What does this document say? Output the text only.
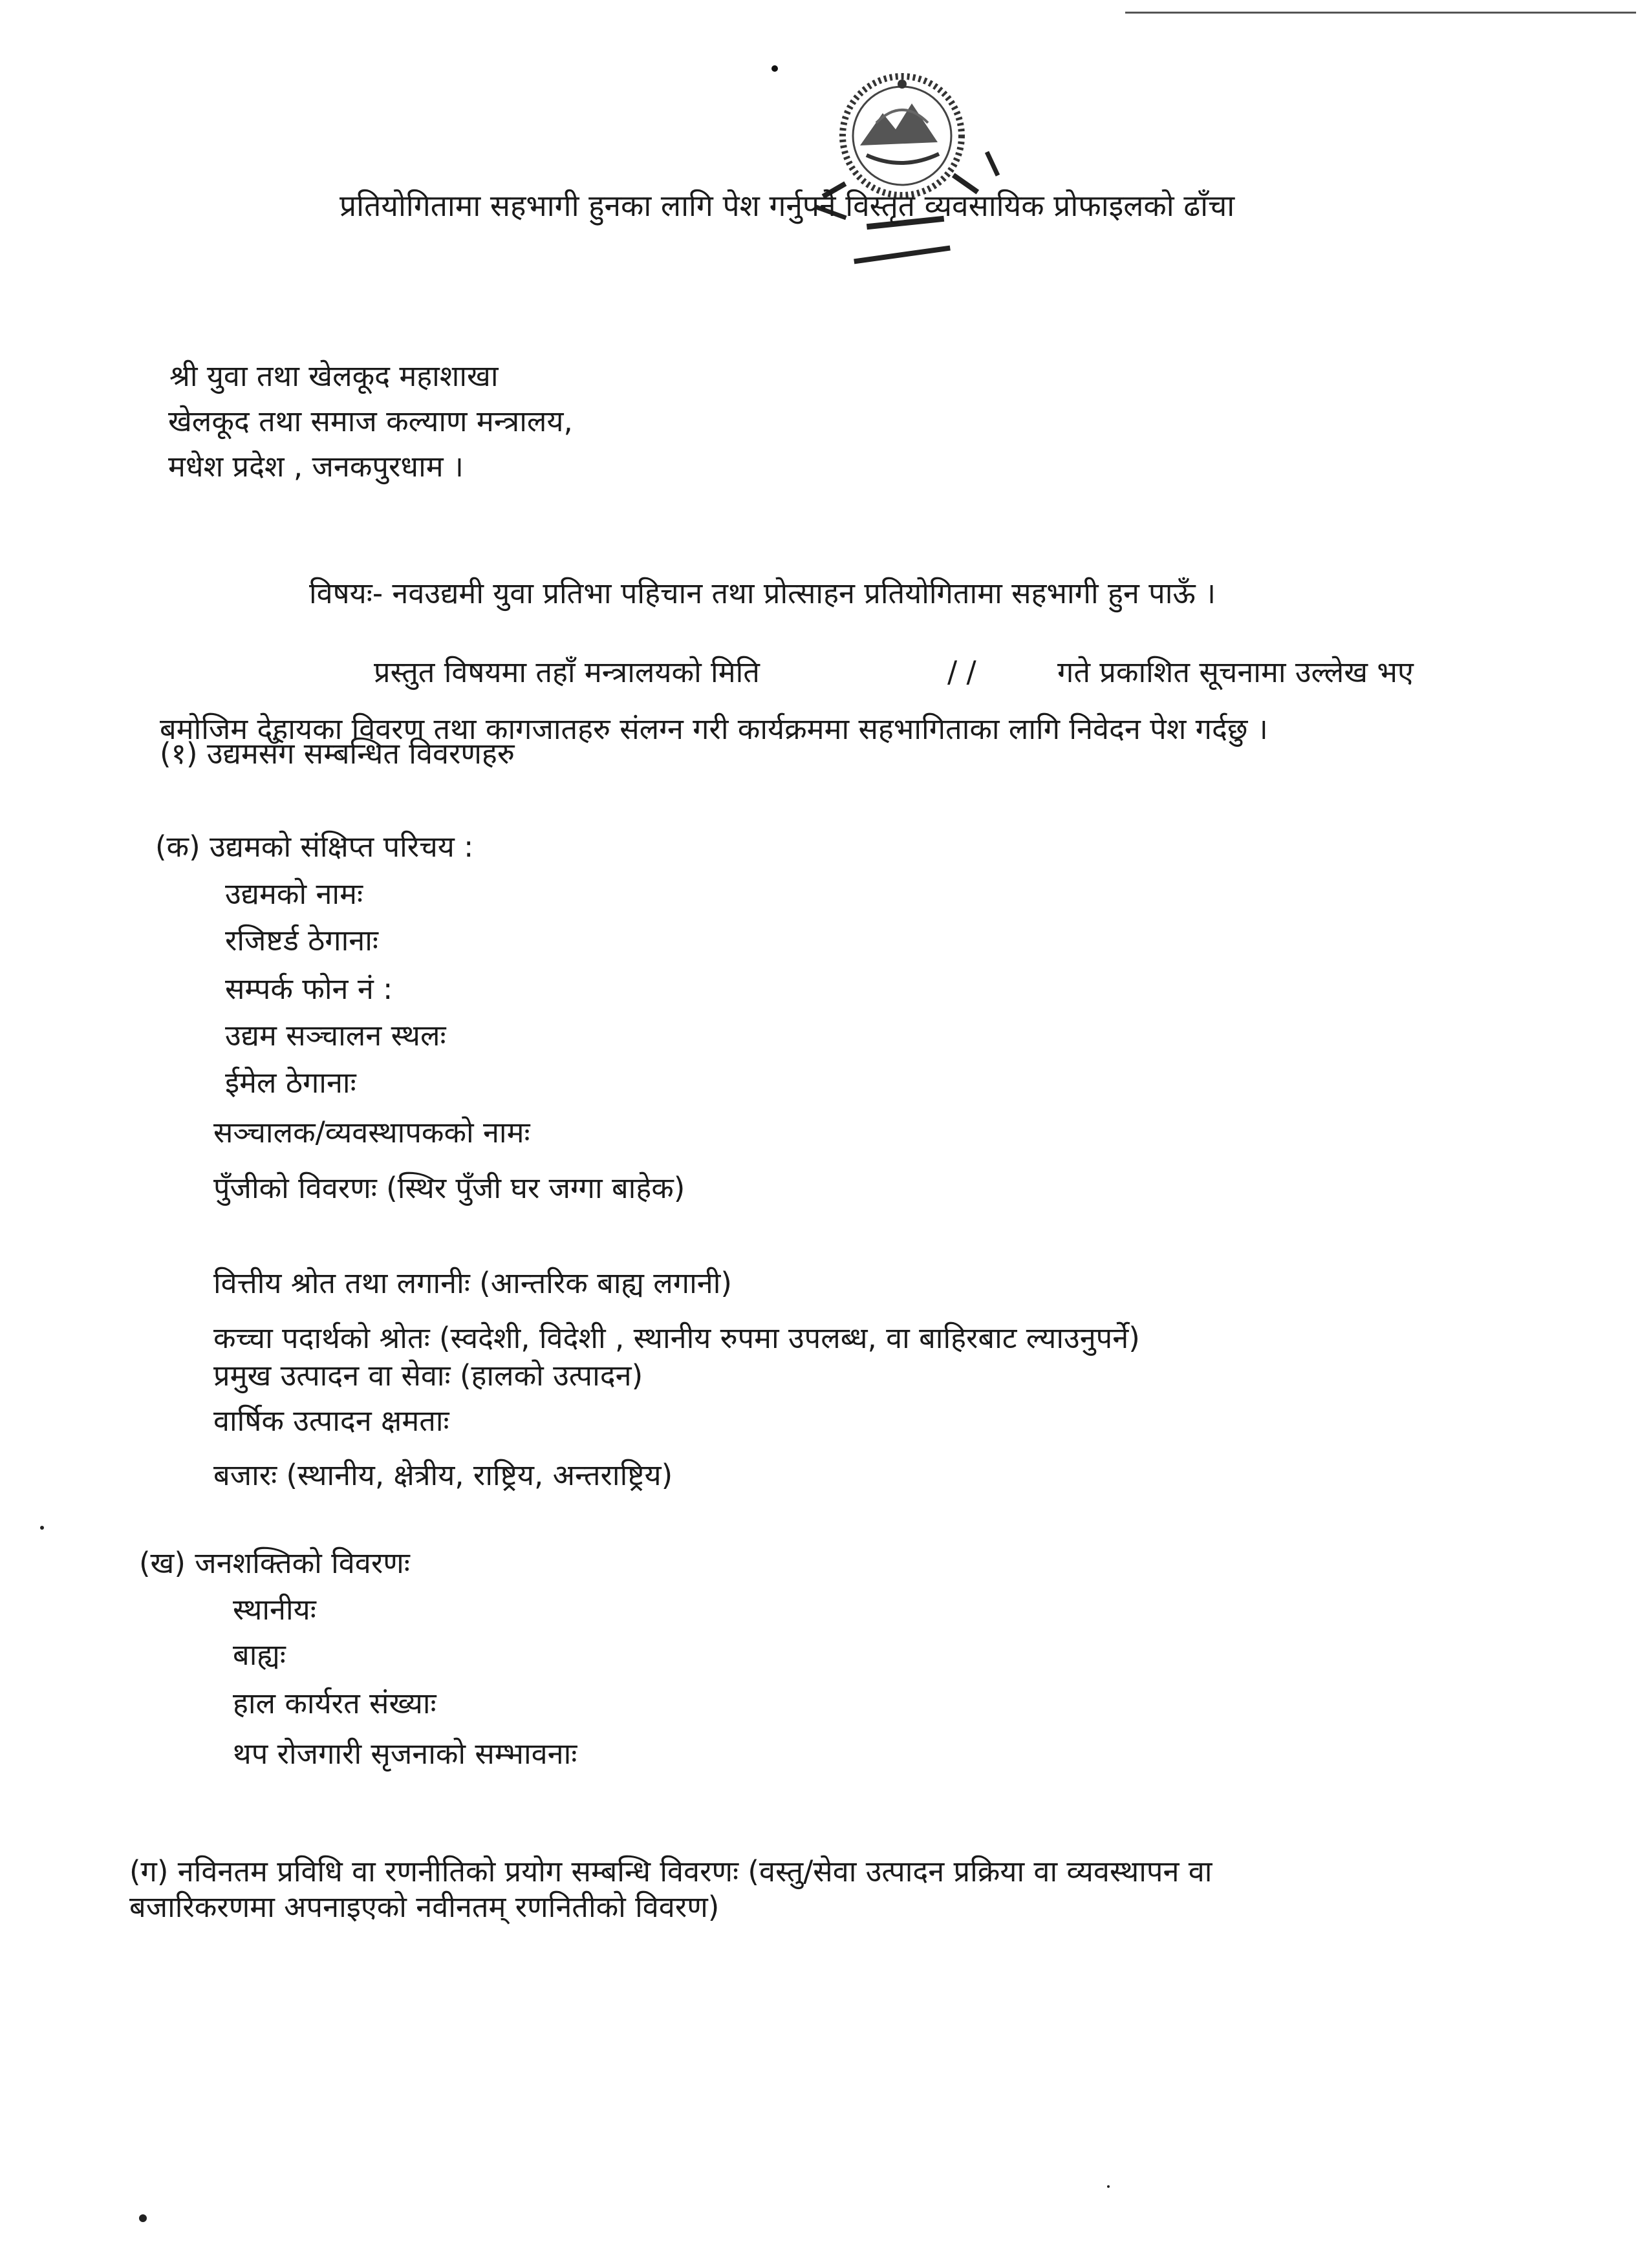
प्रतियोगितामा सहभागी हुनका लागि पेश गर्नुपर्ने विस्तृत व्यवसायिक प्रोफाइलको ढाँचा
श्री युवा तथा खेलकूद महाशाखा
खेलकूद तथा समाज कल्याण मन्त्रालय,
मधेश प्रदेश , जनकपुरधाम ।
विषयः- नवउद्यमी युवा प्रतिभा पहिचान तथा प्रोत्साहन प्रतियोगितामा सहभागी हुन पाऊँ ।
प्रस्तुत विषयमा तहाँ मन्त्रालयको मिति	/ /	गते प्रकाशित सूचनामा उल्लेख भए
बमोजिम देहायका विवरण तथा कागजातहरु संलग्न गरी कार्यक्रममा सहभागिताका लागि निवेदन पेश गर्दछु ।
(१) उद्यमसँग सम्बन्धित विवरणहरु
(क) उद्यमको संक्षिप्त परिचय :
उद्यमको नामः
रजिष्टर्ड ठेगानाः
सम्पर्क फोन नं :
उद्यम सञ्चालन स्थलः
ईमेल ठेगानाः
सञ्चालक/व्यवस्थापकको नामः
पुँजीको विवरणः (स्थिर पुँजी घर जग्गा बाहेक)
वित्तीय श्रोत तथा लगानीः (आन्तरिक बाह्य लगानी)
कच्चा पदार्थको श्रोतः (स्वदेशी, विदेशी , स्थानीय रुपमा उपलब्ध, वा बाहिरबाट ल्याउनुपर्ने)
प्रमुख उत्पादन वा सेवाः (हालको उत्पादन)
वार्षिक उत्पादन क्षमताः
बजारः (स्थानीय, क्षेत्रीय, राष्ट्रिय, अन्तराष्ट्रिय)
(ख) जनशक्तिको विवरणः
स्थानीयः
बाह्यः
हाल कार्यरत संख्याः
थप रोजगारी सृजनाको सम्भावनाः
(ग) नविनतम प्रविधि वा रणनीतिको प्रयोग सम्बन्धि विवरणः (वस्तु/सेवा उत्पादन प्रक्रिया वा व्यवस्थापन वा
बजारिकरणमा अपनाइएको नवीनतम् रणनितीको विवरण)
